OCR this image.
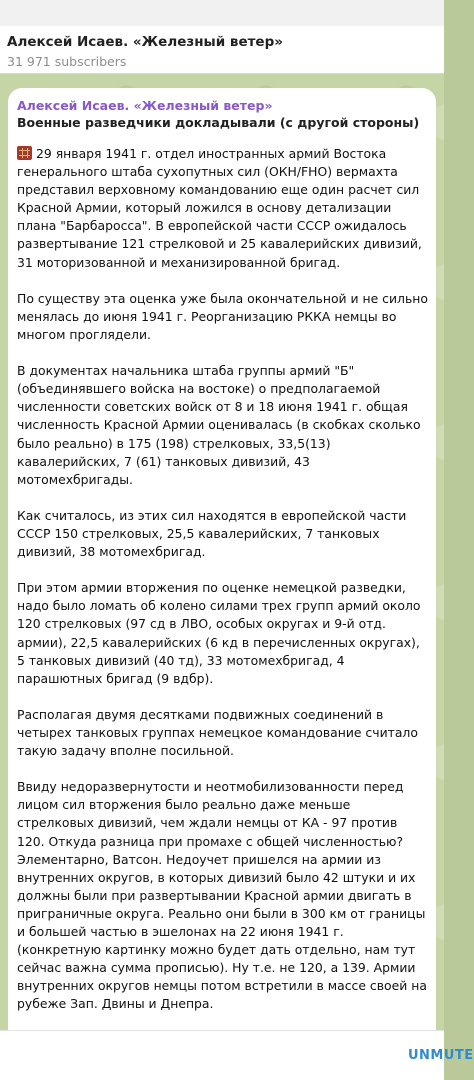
Алексей Исаев. «Железный ветер»
31 971 subscribers
Алексей Исаев. «Железный ветер»
Военные разведчики докладывали (с другой стороны)

29 января 1941 г. отдел иностранных армий Востока генерального штаба сухопутных сил (ОКН/FHO) вермахта представил верховному командованию еще один расчет сил Красной Армии, который ложился в основу детализации плана "Барбаросса". В европейской части СССР ожидалось развертывание 121 стрелковой и 25 кавалерийских дивизий, 31 моторизованной и механизированной бригад.

По существу эта оценка уже была окончательной и не сильно менялась до июня 1941 г. Реорганизацию РККА немцы во многом проглядели.

В документах начальника штаба группы армий "Б" (объединявшего войска на востоке) о предполагаемой численности советских войск от 8 и 18 июня 1941 г. общая численность Красной Армии оценивалась (в скобках сколько было реально) в 175 (198) стрелковых, 33,5(13) кавалерийских, 7 (61) танковых дивизий, 43 мотомехбригады.

Как считалось, из этих сил находятся в европейской части СССР 150 стрелковых, 25,5 кавалерийских, 7 танковых дивизий, 38 мотомехбригад.

При этом армии вторжения по оценке немецкой разведки, надо было ломать об колено силами трех групп армий около 120 стрелковых (97 сд в ЛВО, особых округах и 9-й отд. армии), 22,5 кавалерийских (6 кд в перечисленных округах), 5 танковых дивизий (40 тд), 33 мотомехбригад, 4 парашютных бригад (9 вдбр).

Располагая двумя десятками подвижных соединений в четырех танковых группах немецкое командование считало такую задачу вполне посильной.

Ввиду недоразвернутости и неотмобилизованности перед лицом сил вторжения было реально даже меньше стрелковых дивизий, чем ждали немцы от КА - 97 против 120. Откуда разница при промахе с общей численностью? Элементарно, Ватсон. Недоучет пришелся на армии из внутренних округов, в которых дивизий было 42 штуки и их должны были при развертывании Красной армии двигать в приграничные округа. Реально они были в 300 км от границы и большей частью в эшелонах на 22 июня 1941 г. (конкретную картинку можно будет дать отдельно, нам тут сейчас важна сумма прописью). Ну т.е. не 120, а 139. Армии внутренних округов немцы потом встретили в массе своей на рубеже Зап. Двины и Днепра.

UNMUTE
